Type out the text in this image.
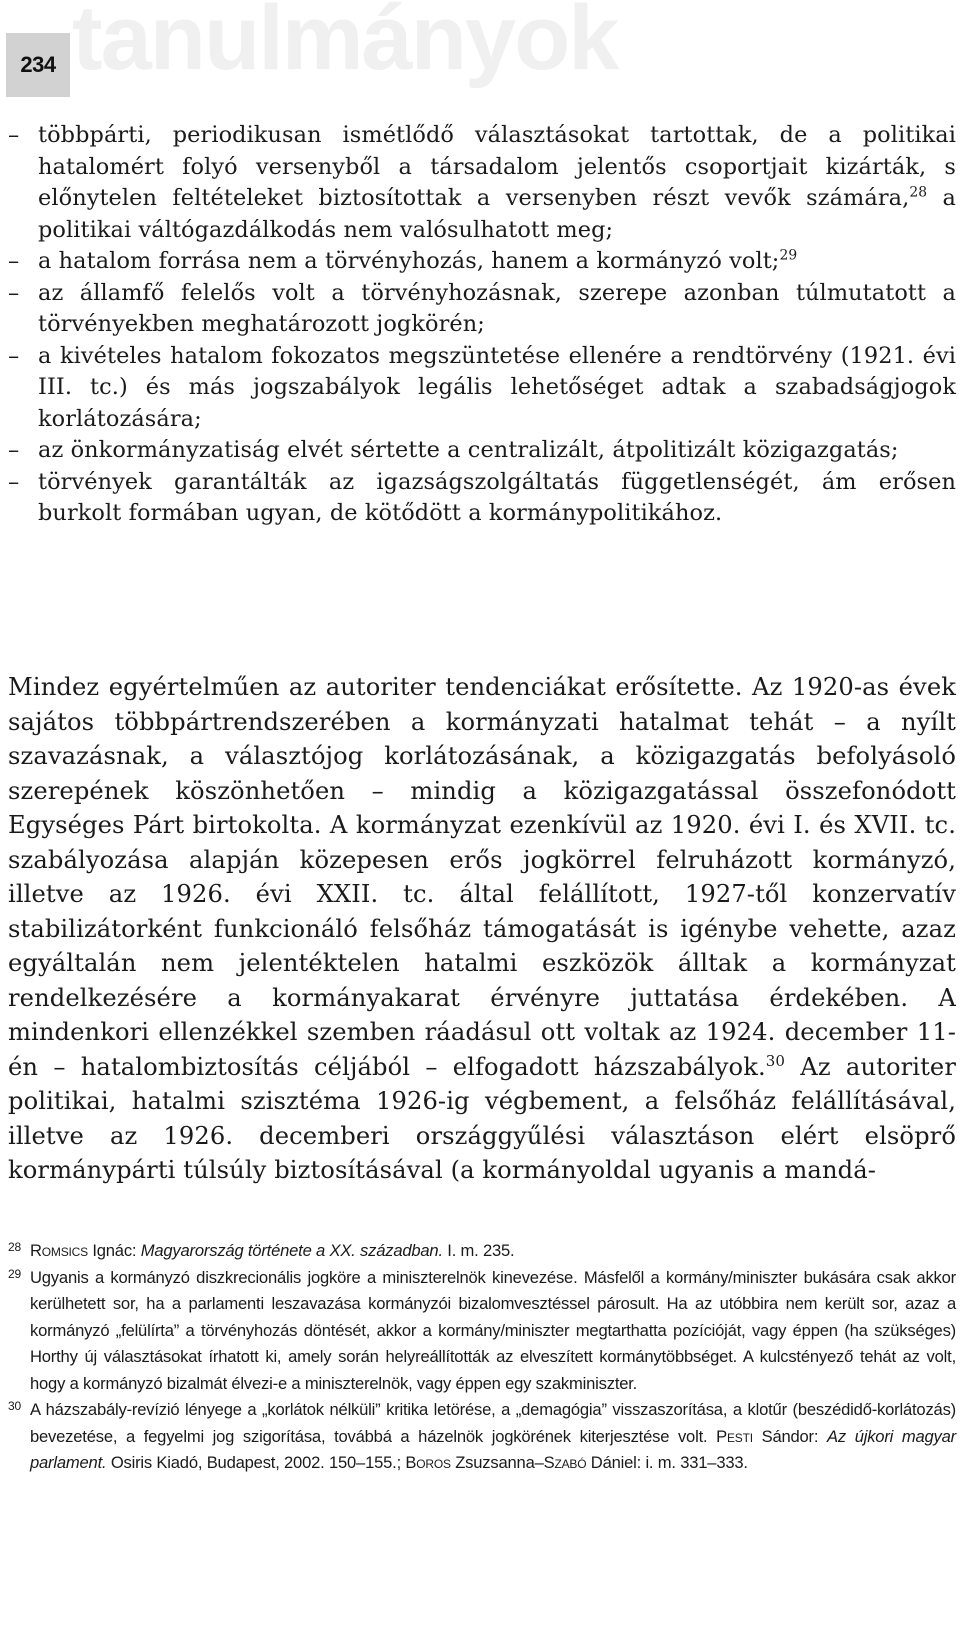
234 tanulmányok
– többpárti, periodikusan ismétlődő választásokat tartottak, de a politikai hatalomért folyó versenyből a társadalom jelentős csoportjait kizárták, s előnytelen feltételeket biztosítottak a versenyben részt vevők számára,$^{28}$ a politikai váltógazdálkodás nem valósulhatott meg;
– a hatalom forrása nem a törvényhozás, hanem a kormányzó volt;$^{29}$
– az államfő felelős volt a törvényhozásnak, szerepe azonban túlmutatott a törvényekben meghatározott jogkörén;
– a kivételes hatalom fokozatos megszüntetése ellenére a rendtörvény (1921. évi III. tc.) és más jogszabályok legális lehetőséget adtak a szabadságjogok korlátozására;
– az önkormányzatiság elvét sértette a centralizált, átpolitizált közigazgatás;
– törvények garantálták az igazságszolgáltatás függetlenségét, ám erősen burkolt formában ugyan, de kötődött a kormánypolitikához.

Mindez egyértelműen az autoriter tendenciákat erősítette. Az 1920-as évek sajátos többpártrendszerében a kormányzati hatalmat tehát – a nyílt szavazásnak, a választójog korlátozásának, a közigazgatás befolyásoló szerepének köszönhetően – mindig a közigazgatással összefonódott Egységes Párt birtokolta. A kormányzat ezenkívül az 1920. évi I. és XVII. tc. szabályozása alapján közepesen erős jogkörrel felruházott kormányzó, illetve az 1926. évi XXII. tc. által felállított, 1927-től konzervatív stabilizátorként funkcionáló felsőház támogatását is igénybe vehette, azaz egyáltalán nem jelentéktelen hatalmi eszközök álltak a kormányzat rendelkezésére a kormányakarat érvényre juttatása érdekében. A mindenkori ellenzékkel szemben ráadásul ott voltak az 1924. december 11-én – hatalombiztosítás céljából – elfogadott házszabályok.$^{30}$ Az autoriter politikai, hatalmi szisztéma 1926-ig végbement, a felsőház felállításával, illetve az 1926. decemberi országgyűlési választáson elért elsöprő kormánypárti túlsúly biztosításával (a kormányoldal ugyanis a mandá-

28 Romsics Ignác: Magyarország története a XX. században. I. m. 235.

29 Ugyanis a kormányzó diszkrecionális jogköre a miniszterelnök kinevezése. Másfelől a kormány/miniszter bukására csak akkor kerülhetett sor, ha a parlamenti leszavazása kormányzói bizalomvesztéssel párosult. Ha az utóbbira nem került sor, azaz a kormányzó „felülírta” a törvényhozás döntését, akkor a kormány/miniszter megtarthatta pozícióját, vagy éppen (ha szükséges) Horthy új választásokat írhatott ki, amely során helyreállították az elveszített kormánytöbbséget. A kulcstényező tehát az volt, hogy a kormányzó bizalmát élvezi-e a miniszterelnök, vagy éppen egy szakminiszter.

30 A házszabály-revízió lényege a „korlátok nélküli” kritika letörése, a „demagógia” visszaszorítása, a klotűr (beszédidő-korlátozás) bevezetése, a fegyelmi jog szigorítása, továbbá a házelnök jogkörének kiterjesztése volt. Pesti Sándor: Az újkori magyar parlament. Osiris Kiadó, Budapest, 2002. 150–155.; Boros Zsuzsanna–Szabó Dániel: i. m. 331–333.
